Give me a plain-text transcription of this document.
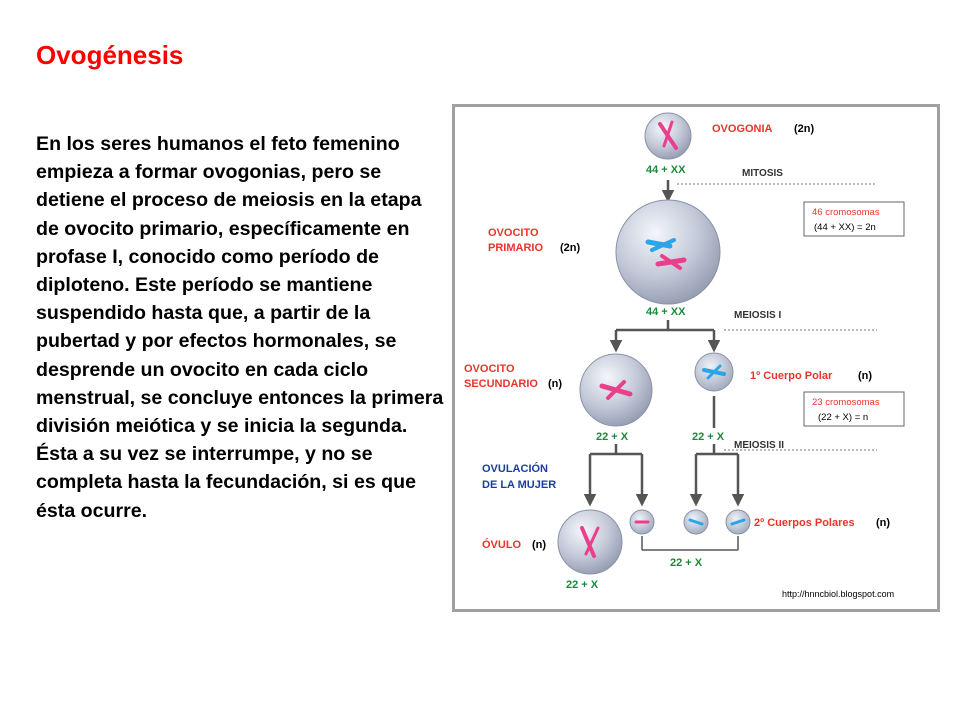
Ovogénesis

En los seres humanos el feto femenino empieza a formar ovogonias, pero se detiene el proceso de meiosis en la etapa de ovocito primario, específicamente en profase I, conocido como período de diploteno. Este período se mantiene suspendido hasta que, a partir de la pubertad y por efectos hormonales, se desprende un ovocito en cada ciclo menstrual, se concluye entonces la primera división meiótica y se inicia la segunda. Ésta a su vez se interrumpe, y no se completa hasta la fecundación, si es que ésta ocurre.

OVOGONIA (2n)
44 + XX	MITOSIS
46 cromosomas
(44 + XX) = 2n
OVOCITO
PRIMARIO (2n)
44 + XX	MEIOSIS I
OVOCITO
SECUNDARIO (n)
22 + X
1º Cuerpo Polar (n)
22 + X
23 cromosomas
(22 + X) = n
MEIOSIS II
OVULACIÓN
DE LA MUJER
ÓVULO (n)
22 + X
2º Cuerpos Polares (n)
22 + X
http://hnncbiol.blogspot.com
